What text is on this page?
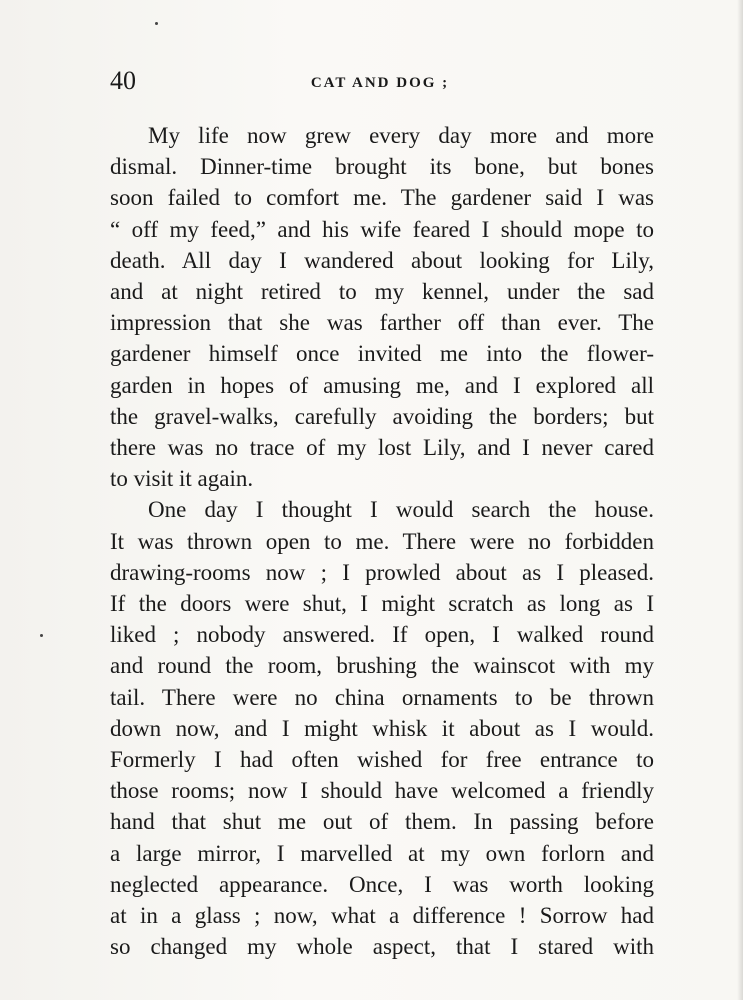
40	CAT AND DOG ;
My life now grew every day more and more
dismal. Dinner-time brought its bone, but bones
soon failed to comfort me. The gardener said I was
“ off my feed,” and his wife feared I should mope to
death. All day I wandered about looking for Lily,
and at night retired to my kennel, under the sad
impression that she was farther off than ever. The
gardener himself once invited me into the flower-
garden in hopes of amusing me, and I explored all
the gravel-walks, carefully avoiding the borders; but
there was no trace of my lost Lily, and I never cared
to visit it again.
One day I thought I would search the house.
It was thrown open to me. There were no forbidden
drawing-rooms now ; I prowled about as I pleased.
If the doors were shut, I might scratch as long as I
liked ; nobody answered. If open, I walked round
and round the room, brushing the wainscot with my
tail. There were no china ornaments to be thrown
down now, and I might whisk it about as I would.
Formerly I had often wished for free entrance to
those rooms; now I should have welcomed a friendly
hand that shut me out of them. In passing before
a large mirror, I marvelled at my own forlorn and
neglected appearance. Once, I was worth looking
at in a glass ; now, what a difference ! Sorrow had
so changed my whole aspect, that I stared with
